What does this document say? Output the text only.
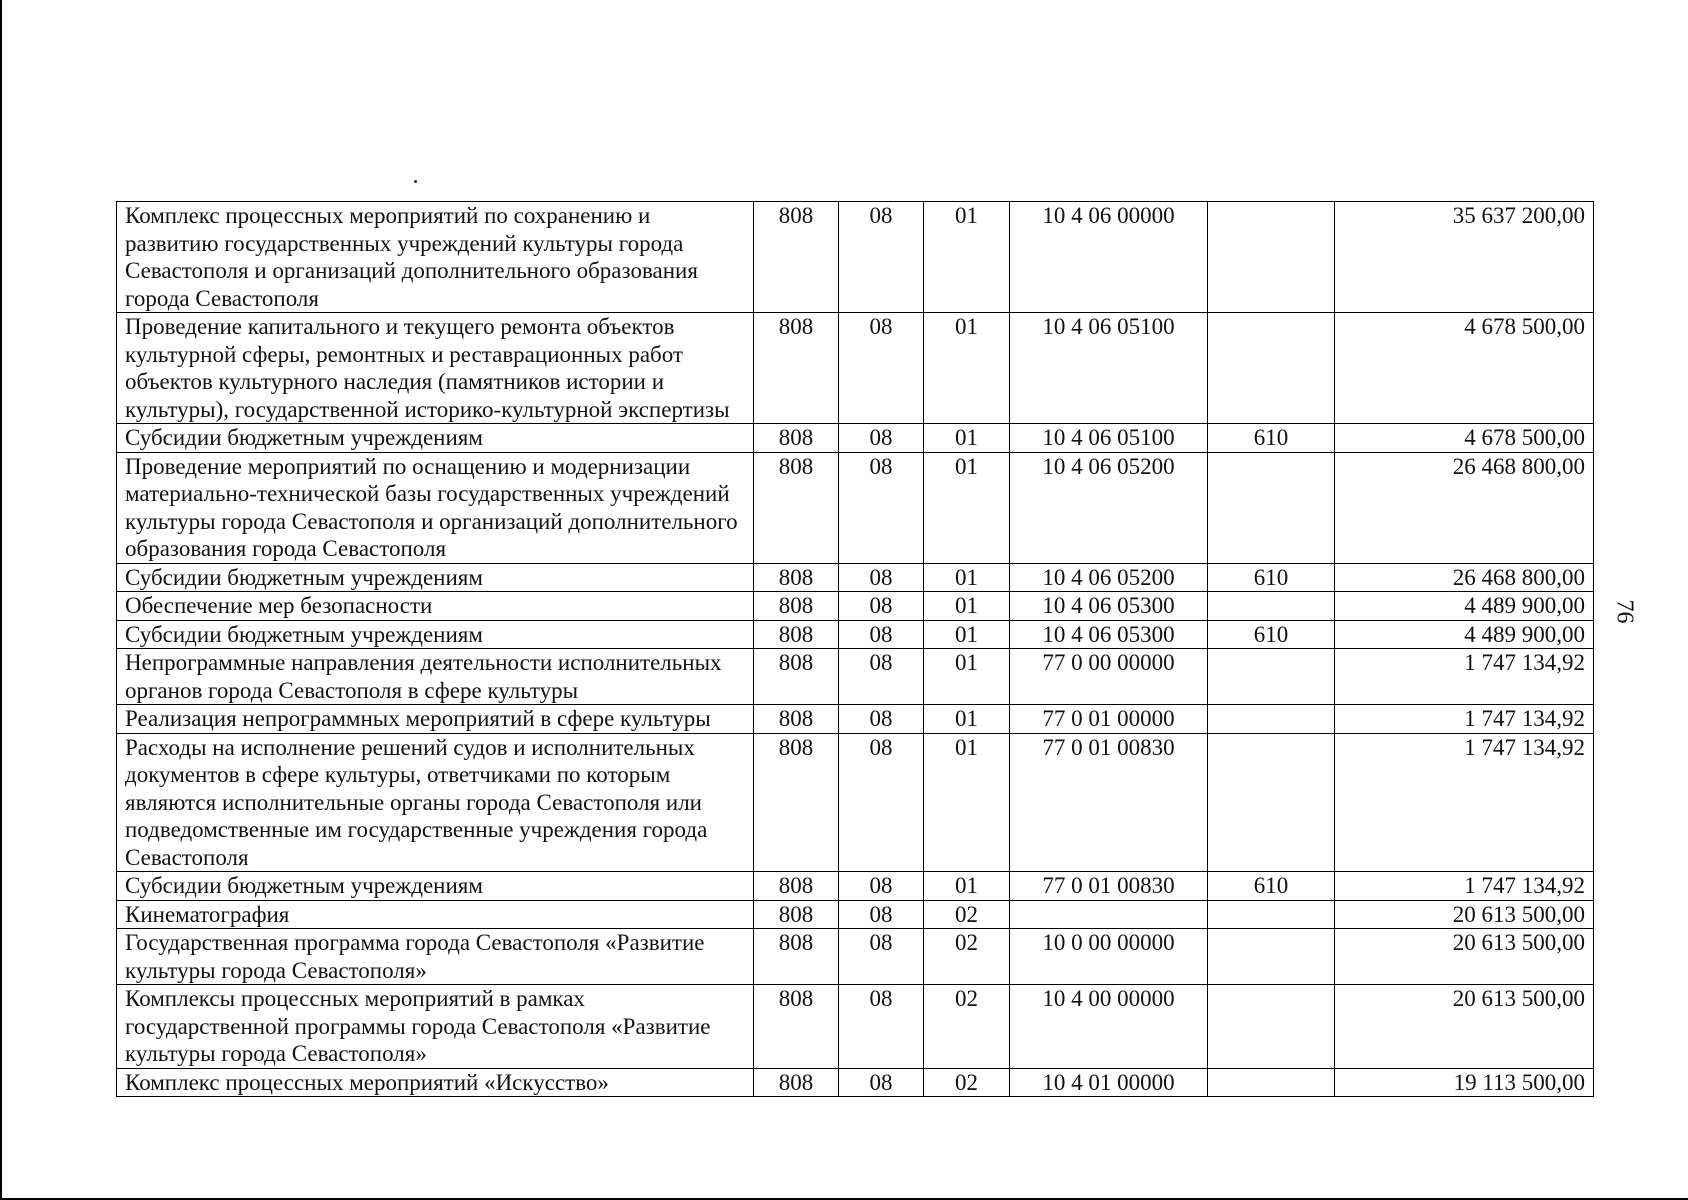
76
Комплекс процессных мероприятий по сохранению и развитию государственных учреждений культуры города Севастополя и организаций дополнительного образования города Севастополя	808	08	01	10 4 06 00000		35 637 200,00
Проведение капитального и текущего ремонта объектов культурной сферы, ремонтных и реставрационных работ объектов культурного наследия (памятников истории и культуры), государственной историко-культурной экспертизы	808	08	01	10 4 06 05100		4 678 500,00
Субсидии бюджетным учреждениям	808	08	01	10 4 06 05100	610	4 678 500,00
Проведение мероприятий по оснащению и модернизации материально-технической базы государственных учреждений культуры города Севастополя и организаций дополнительного образования города Севастополя	808	08	01	10 4 06 05200		26 468 800,00
Субсидии бюджетным учреждениям	808	08	01	10 4 06 05200	610	26 468 800,00
Обеспечение мер безопасности	808	08	01	10 4 06 05300		4 489 900,00
Субсидии бюджетным учреждениям	808	08	01	10 4 06 05300	610	4 489 900,00
Непрограммные направления деятельности исполнительных органов города Севастополя в сфере культуры	808	08	01	77 0 00 00000		1 747 134,92
Реализация непрограммных мероприятий в сфере культуры	808	08	01	77 0 01 00000		1 747 134,92
Расходы на исполнение решений судов и исполнительных документов в сфере культуры, ответчиками по которым являются исполнительные органы города Севастополя или подведомственные им государственные учреждения города Севастополя	808	08	01	77 0 01 00830		1 747 134,92
Субсидии бюджетным учреждениям	808	08	01	77 0 01 00830	610	1 747 134,92
Кинематография	808	08	02			20 613 500,00
Государственная программа города Севастополя «Развитие культуры города Севастополя»	808	08	02	10 0 00 00000		20 613 500,00
Комплексы процессных мероприятий в рамках государственной программы города Севастополя «Развитие культуры города Севастополя»	808	08	02	10 4 00 00000		20 613 500,00
Комплекс процессных мероприятий «Искусство»	808	08	02	10 4 01 00000		19 113 500,00
